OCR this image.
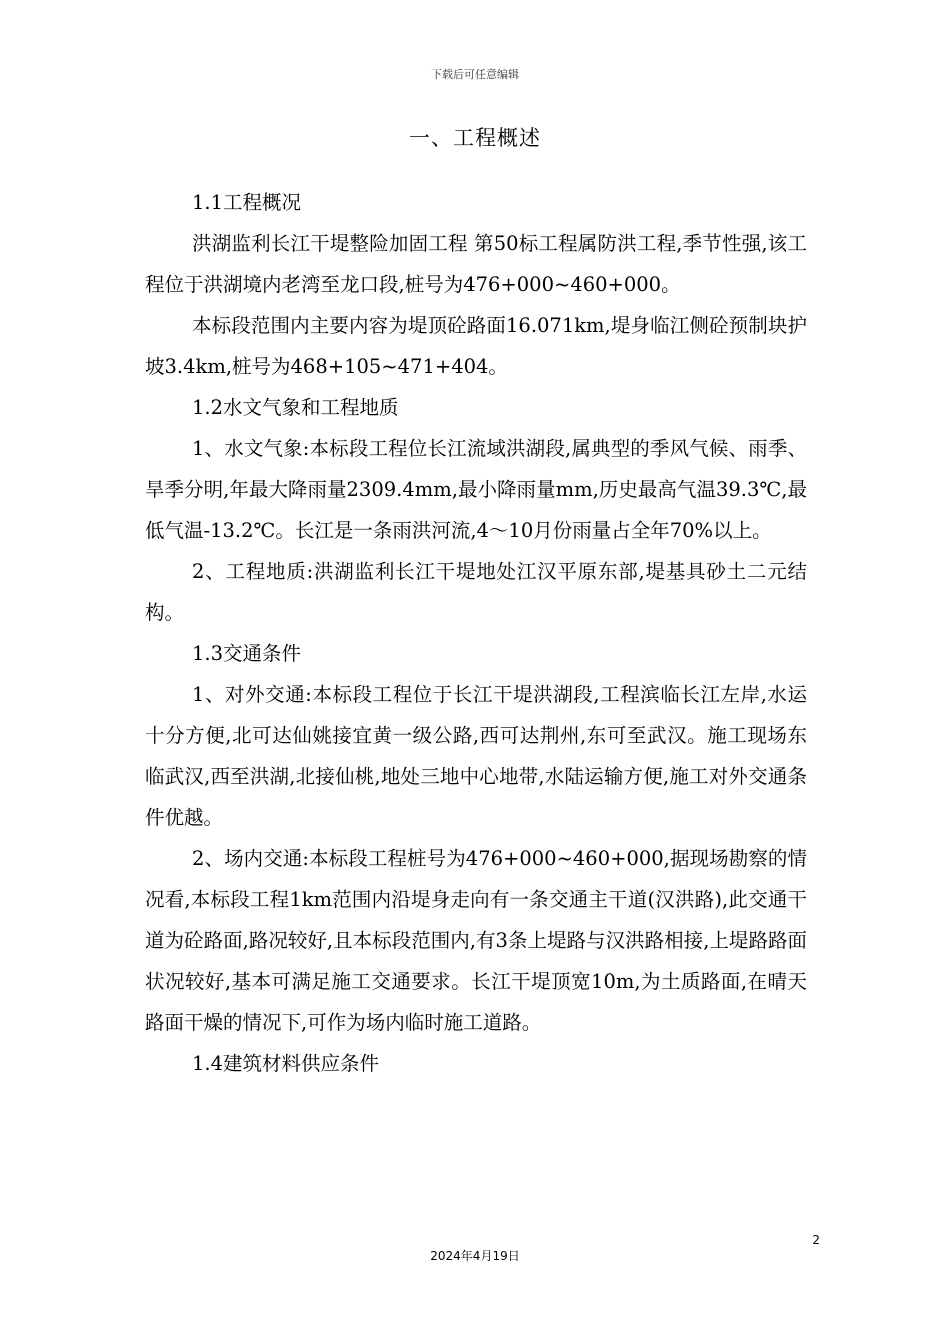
下载后可任意编辑
一、工程概述

1.1工程概况

洪湖监利长江干堤整险加固工程 第50标工程属防洪工程,季节性强,该工程位于洪湖境内老湾至龙口段,桩号为476+000~460+000。

本标段范围内主要内容为堤顶砼路面16.071km,堤身临江侧砼预制块护坡3.4km,桩号为468+105~471+404。

1.2水文气象和工程地质

1、水文气象:本标段工程位长江流域洪湖段,属典型的季风气候、雨季、旱季分明,年最大降雨量2309.4mm,最小降雨量mm,历史最高气温39.3℃,最低气温-13.2℃。长江是一条雨洪河流,4～10月份雨量占全年70%以上。

2、工程地质:洪湖监利长江干堤地处江汉平原东部,堤基具砂土二元结构。

1.3交通条件

1、对外交通:本标段工程位于长江干堤洪湖段,工程滨临长江左岸,水运十分方便,北可达仙姚接宜黄一级公路,西可达荆州,东可至武汉。施工现场东临武汉,西至洪湖,北接仙桃,地处三地中心地带,水陆运输方便,施工对外交通条件优越。

2、场内交通:本标段工程桩号为476+000~460+000,据现场勘察的情况看,本标段工程1km范围内沿堤身走向有一条交通主干道(汉洪路),此交通干道为砼路面,路况较好,且本标段范围内,有3条上堤路与汉洪路相接,上堤路路面状况较好,基本可满足施工交通要求。长江干堤顶宽10m,为土质路面,在晴天路面干燥的情况下,可作为场内临时施工道路。

1.4建筑材料供应条件

2
2024年4月19日
